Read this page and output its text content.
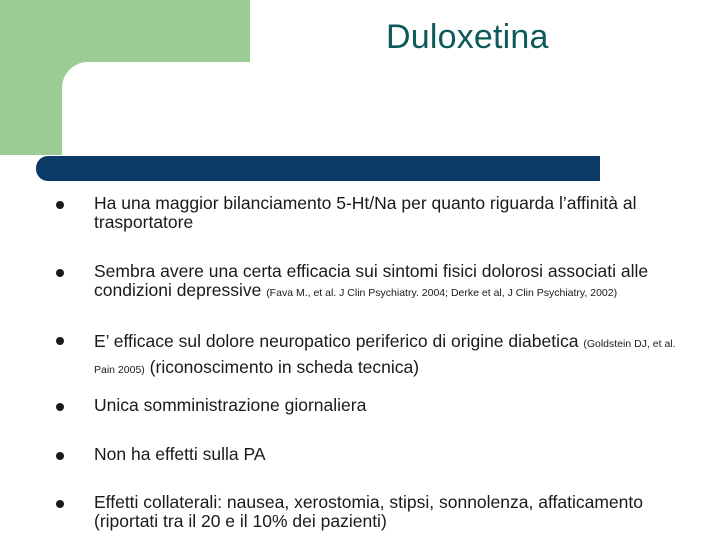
Duloxetina
Ha una maggior bilanciamento 5-Ht/Na per quanto riguarda l’affinità al trasportatore
Sembra avere una certa efficacia sui sintomi fisici dolorosi associati alle condizioni depressive (Fava M., et al. J Clin Psychiatry. 2004; Derke et al, J Clin Psychiatry, 2002)
E’ efficace sul dolore neuropatico periferico di origine diabetica (Goldstein DJ, et al. Pain 2005) (riconoscimento in scheda tecnica)
Unica somministrazione giornaliera
Non ha effetti sulla PA
Effetti collaterali: nausea, xerostomia, stipsi, sonnolenza, affaticamento (riportati tra il 20 e il 10% dei pazienti)
